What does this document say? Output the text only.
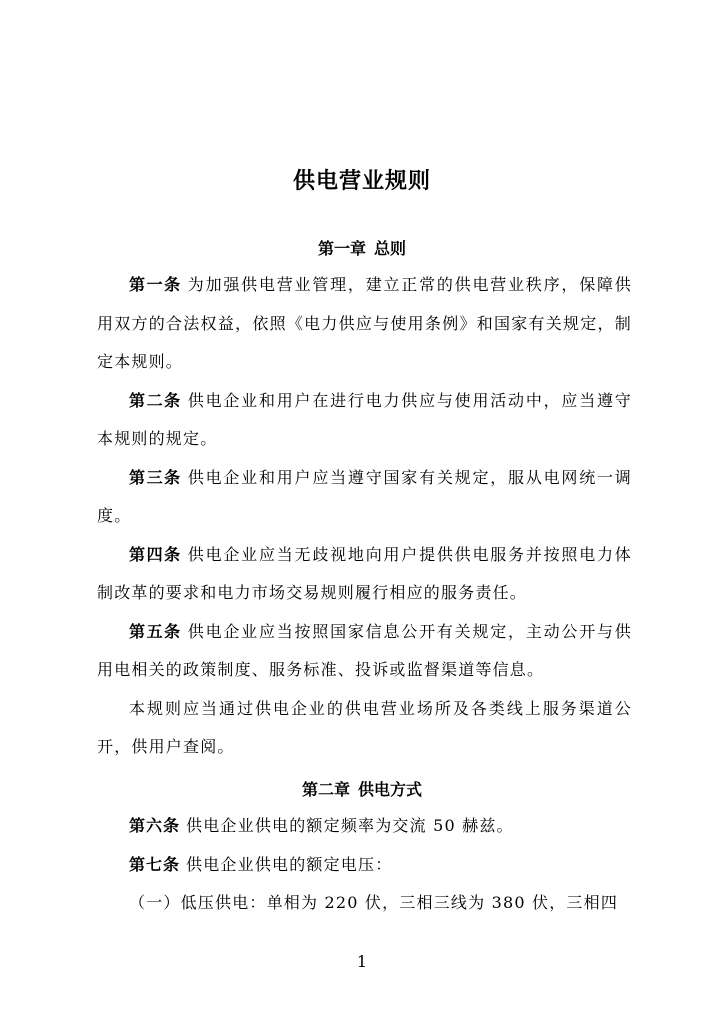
供电营业规则
第一章 总则

第一条 为加强供电营业管理，建立正常的供电营业秩序，保障供用双方的合法权益，依照《电力供应与使用条例》和国家有关规定，制定本规则。

第二条 供电企业和用户在进行电力供应与使用活动中，应当遵守本规则的规定。

第三条 供电企业和用户应当遵守国家有关规定，服从电网统一调度。

第四条 供电企业应当无歧视地向用户提供供电服务并按照电力体制改革的要求和电力市场交易规则履行相应的服务责任。

第五条 供电企业应当按照国家信息公开有关规定，主动公开与供用电相关的政策制度、服务标准、投诉或监督渠道等信息。

本规则应当通过供电企业的供电营业场所及各类线上服务渠道公开，供用户查阅。

第二章 供电方式

第六条 供电企业供电的额定频率为交流 50 赫兹。

第七条 供电企业供电的额定电压：

（一）低压供电：单相为 220 伏，三相三线为 380 伏，三相四

1
